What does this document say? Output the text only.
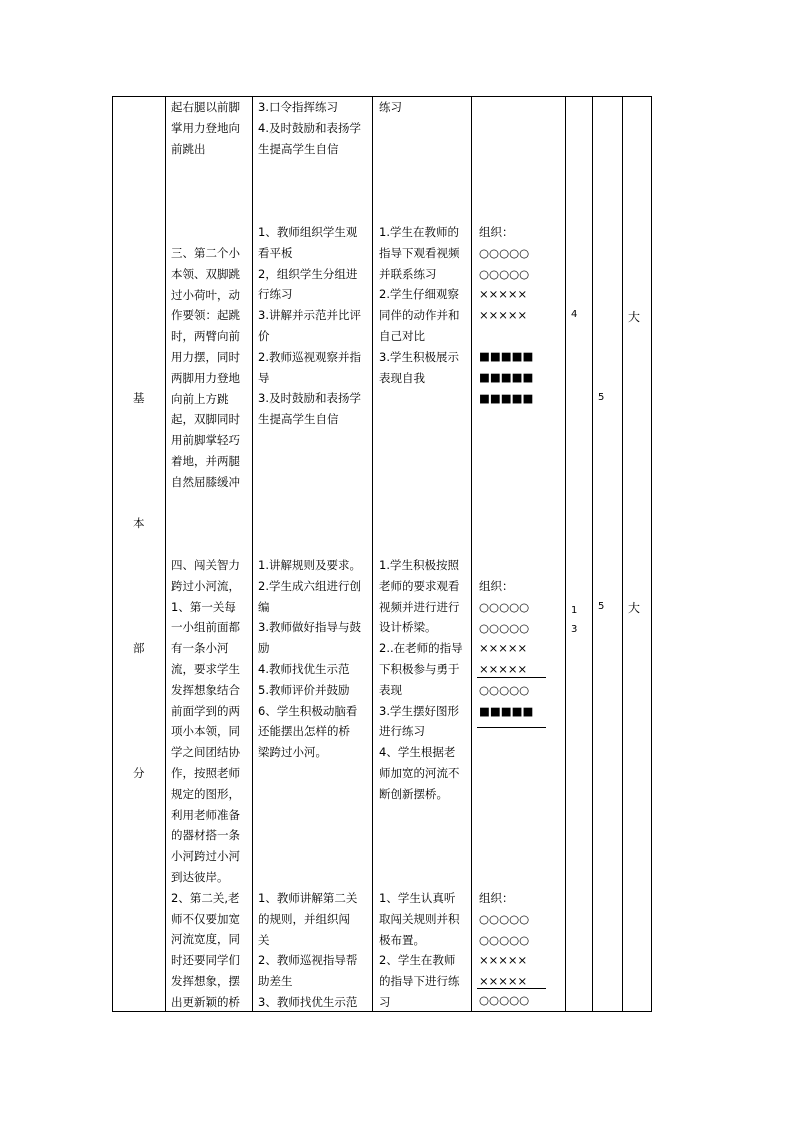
基
本
部
分
起右腿以前脚
掌用力登地向
前跳出
3.口令指挥练习
4.及时鼓励和表扬学
生提高学生自信
练习
三、第二个小
本领、双脚跳
过小荷叶，动
作要领：起跳
时，两臂向前
用力摆，同时
两脚用力登地
向前上方跳
起，双脚同时
用前脚掌轻巧
着地，并两腿
自然屈膝缓冲
1、教师组织学生观
看平板
2，组织学生分组进
行练习
3.讲解并示范并比评
价
2.教师巡视观察并指
导
3.及时鼓励和表扬学
生提高学生自信
1.学生在教师的
指导下观看视频
并联系练习
2.学生仔细观察
同伴的动作并和
自己对比
3.学生积极展示
表现自我
组织：
○○○○○
○○○○○
×××××
×××××
■■■■■
■■■■■
■■■■■
4
5
大
四、闯关智力
跨过小河流，
1、第一关每
一小组前面都
有一条小河
流，要求学生
发挥想象结合
前面学到的两
项小本领，同
学之间团结协
作，按照老师
规定的图形，
利用老师准备
的器材搭一条
小河跨过小河
到达彼岸。
2、第二关,老
师不仅要加宽
河流宽度，同
时还要同学们
发挥想象，摆
出更新颖的桥
1.讲解规则及要求。
2.学生成六组进行创
编
3.教师做好指导与鼓
励
4.教师找优生示范
5.教师评价并鼓励
6、学生积极动脑看
还能摆出怎样的桥
梁跨过小河。
1.学生积极按照
老师的要求观看
视频并进行进行
设计桥梁。
2..在老师的指导
下积极参与勇于
表现
3.学生摆好图形
进行练习
4、学生根据老
师加宽的河流不
断创新摆桥。
组织：
○○○○○
○○○○○
×××××
×××××
○○○○○
■■■■■
1
3
5 大
1、教师讲解第二关
的规则，并组织闯
关
2、教师巡视指导帮
助差生
3、教师找优生示范
1、学生认真听
取闯关规则并积
极布置。
2、学生在教师
的指导下进行练
习
组织：
○○○○○
○○○○○
×××××
×××××
○○○○○
